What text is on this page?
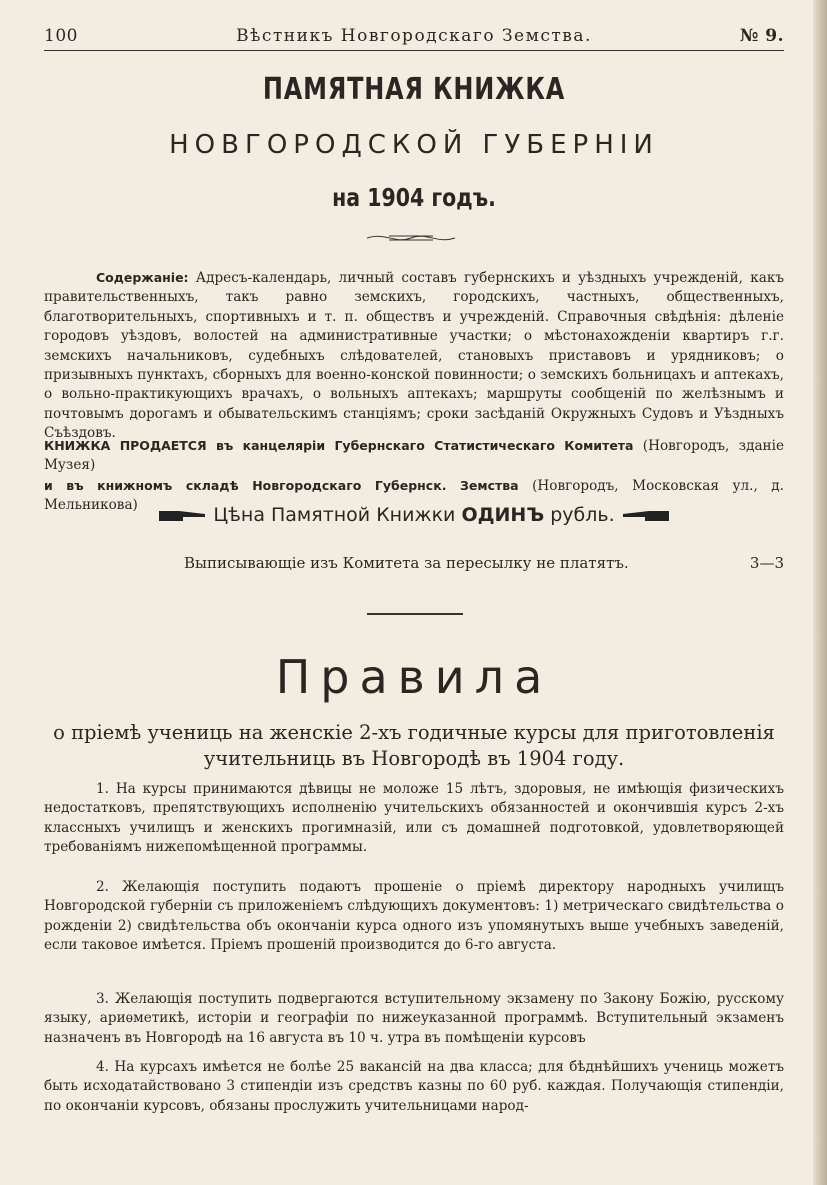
100	Вѣстникъ Новгородскаго Земства.	№ 9.
ПАМЯТНАЯ КНИЖКА
НОВГОРОДСКОЙ ГУБЕРНІИ
на 1904 годъ.
Содержаніе: Адресъ-календарь, личный составъ губернскихъ и уѣздныхъ учрежденій, какъ правительственныхъ, такъ равно земскихъ, городскихъ, частныхъ, общественныхъ, благотворительныхъ, спортивныхъ и т. п. обществъ и учрежденій. Справочныя свѣдѣнія: дѣленіе городовъ уѣздовъ, волостей на административные участки; о мѣстонахожденіи квартиръ г.г. земскихъ начальниковъ, судебныхъ слѣдователей, становыхъ приставовъ и урядниковъ; о призывныхъ пунктахъ, сборныхъ для военно-конской повинности; о земскихъ больницахъ и аптекахъ, о вольно-практикующихъ врачахъ, о вольныхъ аптекахъ; маршруты сообщеній по желѣзнымъ и почтовымъ дорогамъ и обывательскимъ станціямъ; сроки засѣданій Окружныхъ Судовъ и Уѣздныхъ Съѣздовъ.
КНИЖКА ПРОДАЕТСЯ въ канцеляріи Губернскаго Статистическаго Комитета (Новгородъ, зданіе Музея)
и въ книжномъ складѣ Новгородскаго Губернск. Земства (Новгородъ, Московская ул., д. Мельникова)	Цѣна Памятной Книжки ОДИНЪ рубль.
Выписывающіе изъ Комитета за пересылку не платятъ.	3—3
Правила
о пріемѣ учениць на женскіе 2-хъ годичные курсы для приготовленія учительниць въ Новгородѣ въ 1904 году.

1. На курсы принимаются дѣвицы не моложе 15 лѣтъ, здоровыя, не имѣющія физическихъ недостатковъ, препятствующихъ исполненію учительскихъ обязанностей и окончившія курсъ 2-хъ классныхъ училищъ и женскихъ прогимназій, или съ домашней подготовкой, удовлетворяющей требованіямъ нижепомѣщенной программы.

2. Желающія поступить подаютъ прошеніе о пріемѣ директору народныхъ училищъ Новгородской губерніи съ приложеніемъ слѣдующихъ документовъ: 1) метрическаго свидѣтельства о рожденіи 2) свидѣтельства объ окончаніи курса одного изъ упомянутыхъ выше учебныхъ заведеній, если таковое имѣется. Пріемъ прошеній производится до 6-го августа.

3. Желающія поступить подвергаются вступительному экзамену по Закону Божію, русскому языку, ариѳметикѣ, исторіи и географіи по нижеуказанной программѣ. Вступительный экзаменъ назначенъ въ Новгородѣ на 16 августа въ 10 ч. утра въ помѣщеніи курсовъ

4. На курсахъ имѣется не болѣе 25 вакансій на два класса; для бѣднѣйшихъ учениць можетъ быть исходатайствовано 3 стипендіи изъ средствъ казны по 60 руб. каждая. Получающія стипендіи, по окончаніи курсовъ, обязаны прослужить учительницами народ-
